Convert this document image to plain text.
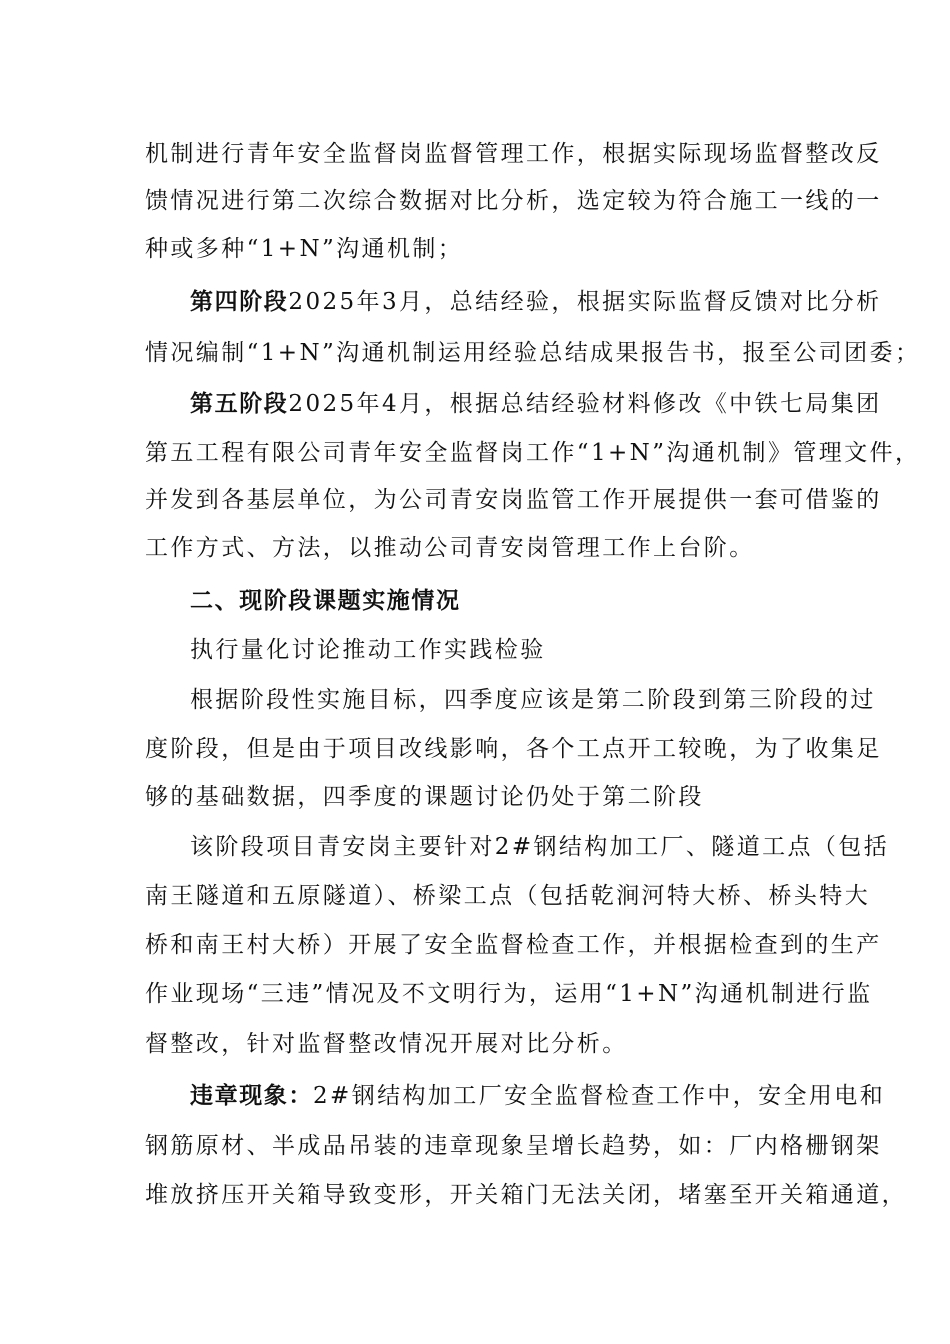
机制进行青年安全监督岗监督管理工作，根据实际现场监督整改反
馈情况进行第二次综合数据对比分析，选定较为符合施工一线的一
种或多种“1+N”沟通机制；
第四阶段2025年3月，总结经验，根据实际监督反馈对比分析
情况编制“1+N”沟通机制运用经验总结成果报告书，报至公司团委；
第五阶段2025年4月，根据总结经验材料修改《中铁七局集团
第五工程有限公司青年安全监督岗工作“1+N”沟通机制》管理文件，
并发到各基层单位，为公司青安岗监管工作开展提供一套可借鉴的
工作方式、方法，以推动公司青安岗管理工作上台阶。
二、现阶段课题实施情况
执行量化讨论推动工作实践检验
根据阶段性实施目标，四季度应该是第二阶段到第三阶段的过
度阶段，但是由于项目改线影响，各个工点开工较晚，为了收集足
够的基础数据，四季度的课题讨论仍处于第二阶段
该阶段项目青安岗主要针对2#钢结构加工厂、隧道工点（包括
南王隧道和五原隧道）、桥梁工点（包括乾涧河特大桥、桥头特大
桥和南王村大桥）开展了安全监督检查工作，并根据检查到的生产
作业现场“三违”情况及不文明行为，运用“1+N”沟通机制进行监
督整改，针对监督整改情况开展对比分析。
违章现象：2#钢结构加工厂安全监督检查工作中，安全用电和
钢筋原材、半成品吊装的违章现象呈增长趋势，如：厂内格栅钢架
堆放挤压开关箱导致变形，开关箱门无法关闭，堵塞至开关箱通道，
